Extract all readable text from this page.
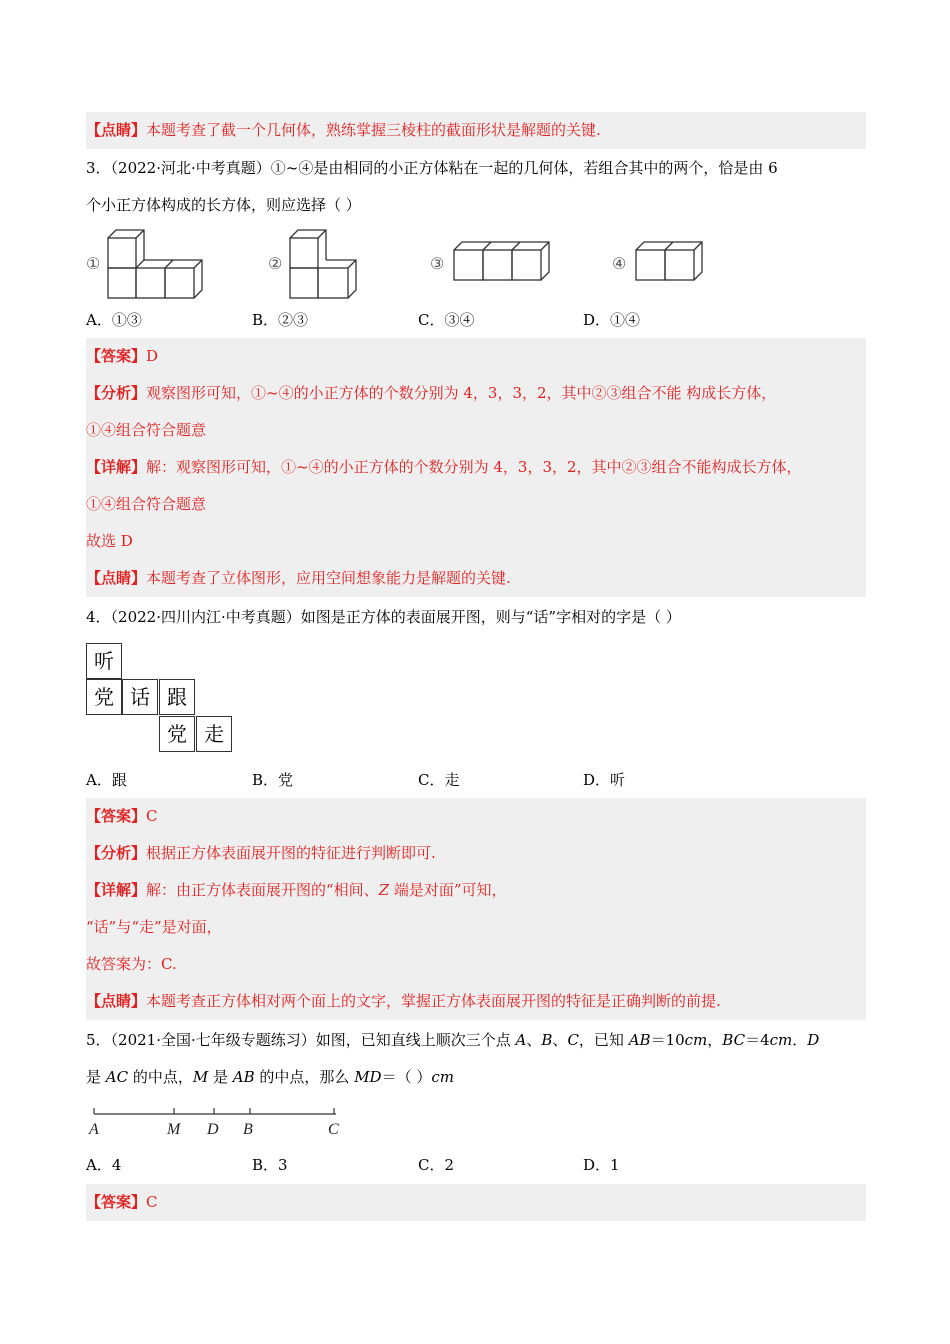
【点睛】本题考查了截一个几何体，熟练掌握三棱柱的截面形状是解题的关键.
3．（2022·河北·中考真题）①~④是由相同的小正方体粘在一起的几何体，若组合其中的两个，恰是由 6
个小正方体构成的长方体，则应选择（ ）
①	②	③	④
A．①③	B．②③	C．③④	D．①④
【答案】D
【分析】观察图形可知，①~④的小正方体的个数分别为 4，3，3，2，其中②③组合不能 构成长方体，
①④组合符合题意
【详解】解：观察图形可知，①~④的小正方体的个数分别为 4，3，3，2，其中②③组合不能构成长方体，
①④组合符合题意
故选 D
【点睛】本题考查了立体图形，应用空间想象能力是解题的关键.
4．（2022·四川内江·中考真题）如图是正方体的表面展开图，则与“话”字相对的字是（ ）
听
党 话 跟
党 走
A．跟	B．党	C．走	D．听
【答案】C
【分析】根据正方体表面展开图的特征进行判断即可.
【详解】解：由正方体表面展开图的“相间、Z 端是对面”可知，
“话”与“走”是对面，
故答案为：C.
【点睛】本题考查正方体相对两个面上的文字，掌握正方体表面展开图的特征是正确判断的前提.
5．（2021·全国·七年级专题练习）如图，已知直线上顺次三个点 A、B、C，已知 AB＝10cm，BC＝4cm．D
是 AC 的中点，M 是 AB 的中点，那么 MD＝（ ）cm
A	M D B	C
A．4	B．3	C．2	D．1
【答案】C
